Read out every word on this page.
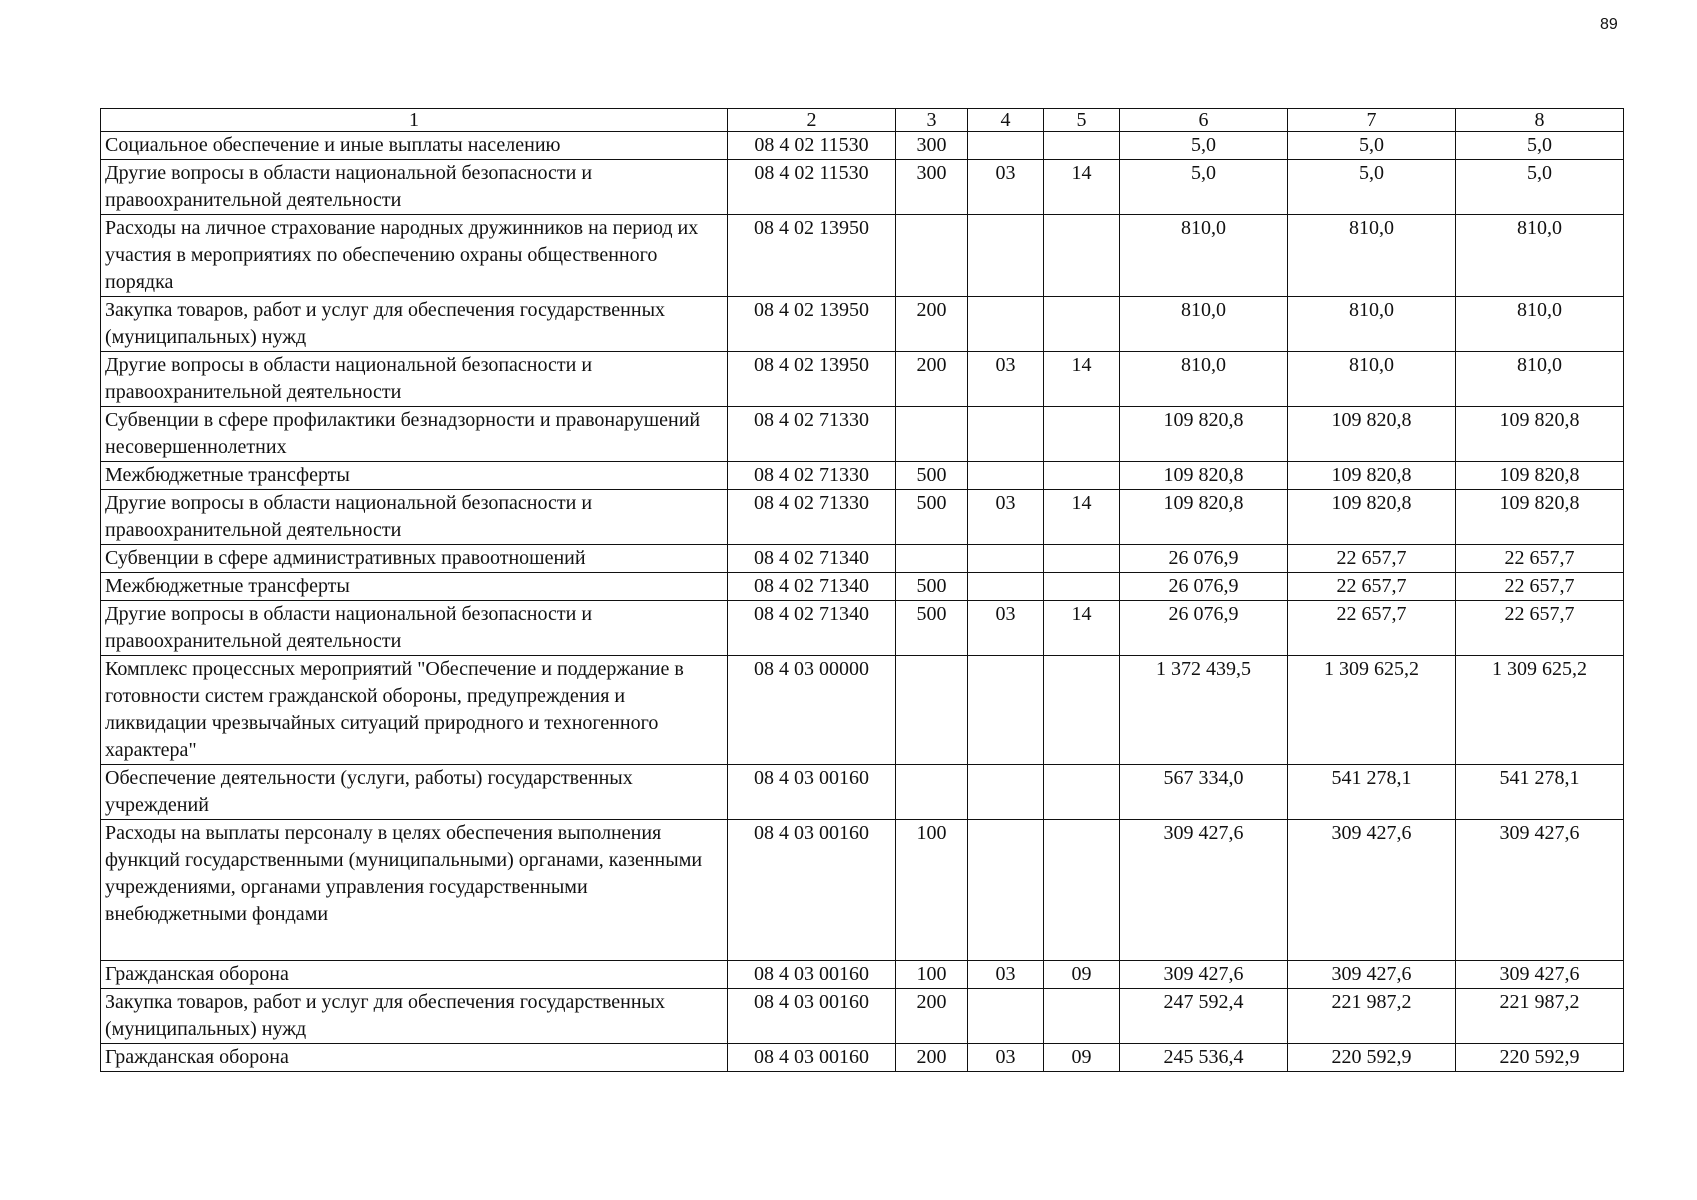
89
1	2	3	4	5	6	7	8
Социальное обеспечение и иные выплаты населению	08 4 02 11530	300			5,0	5,0	5,0
Другие вопросы в области национальной безопасности и правоохранительной деятельности	08 4 02 11530	300	03	14	5,0	5,0	5,0
Расходы на личное страхование народных дружинников на период их участия в мероприятиях по обеспечению охраны общественного порядка	08 4 02 13950				810,0	810,0	810,0
Закупка товаров, работ и услуг для обеспечения государственных (муниципальных) нужд	08 4 02 13950	200			810,0	810,0	810,0
Другие вопросы в области национальной безопасности и правоохранительной деятельности	08 4 02 13950	200	03	14	810,0	810,0	810,0
Субвенции в сфере профилактики безнадзорности и правонарушений несовершеннолетних	08 4 02 71330				109 820,8	109 820,8	109 820,8
Межбюджетные трансферты	08 4 02 71330	500			109 820,8	109 820,8	109 820,8
Другие вопросы в области национальной безопасности и правоохранительной деятельности	08 4 02 71330	500	03	14	109 820,8	109 820,8	109 820,8
Субвенции в сфере административных правоотношений	08 4 02 71340				26 076,9	22 657,7	22 657,7
Межбюджетные трансферты	08 4 02 71340	500			26 076,9	22 657,7	22 657,7
Другие вопросы в области национальной безопасности и правоохранительной деятельности	08 4 02 71340	500	03	14	26 076,9	22 657,7	22 657,7
Комплекс процессных мероприятий "Обеспечение и поддержание в готовности систем гражданской обороны, предупреждения и ликвидации чрезвычайных ситуаций природного и техногенного характера"	08 4 03 00000				1 372 439,5	1 309 625,2	1 309 625,2
Обеспечение деятельности (услуги, работы) государственных учреждений	08 4 03 00160				567 334,0	541 278,1	541 278,1
Расходы на выплаты персоналу в целях обеспечения выполнения функций государственными (муниципальными) органами, казенными учреждениями, органами управления государственными внебюджетными фондами	08 4 03 00160	100			309 427,6	309 427,6	309 427,6
Гражданская оборона	08 4 03 00160	100	03	09	309 427,6	309 427,6	309 427,6
Закупка товаров, работ и услуг для обеспечения государственных (муниципальных) нужд	08 4 03 00160	200			247 592,4	221 987,2	221 987,2
Гражданская оборона	08 4 03 00160	200	03	09	245 536,4	220 592,9	220 592,9
